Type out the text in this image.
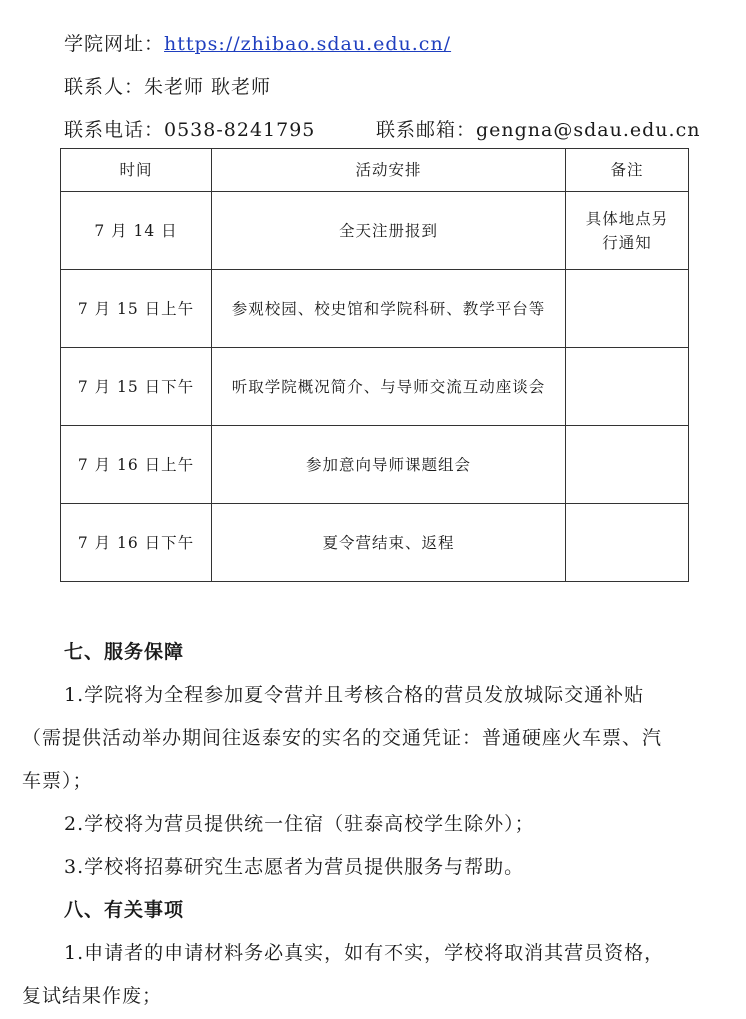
学院网址：https://zhibao.sdau.edu.cn/
联系人：朱老师 耿老师
联系电话：0538-8241795	联系邮箱：gengna@sdau.edu.cn
时间	活动安排	备注
7 月 14 日	全天注册报到	具体地点另行通知
7 月 15 日上午	参观校园、校史馆和学院科研、教学平台等	
7 月 15 日下午	听取学院概况简介、与导师交流互动座谈会	
7 月 16 日上午	参加意向导师课题组会	
7 月 16 日下午	夏令营结束、返程	
七、服务保障
1.学院将为全程参加夏令营并且考核合格的营员发放城际交通补贴
（需提供活动举办期间往返泰安的实名的交通凭证：普通硬座火车票、汽
车票）；
2.学校将为营员提供统一住宿（驻泰高校学生除外）；
3.学校将招募研究生志愿者为营员提供服务与帮助。
八、有关事项
1.申请者的申请材料务必真实，如有不实，学校将取消其营员资格，
复试结果作废；
